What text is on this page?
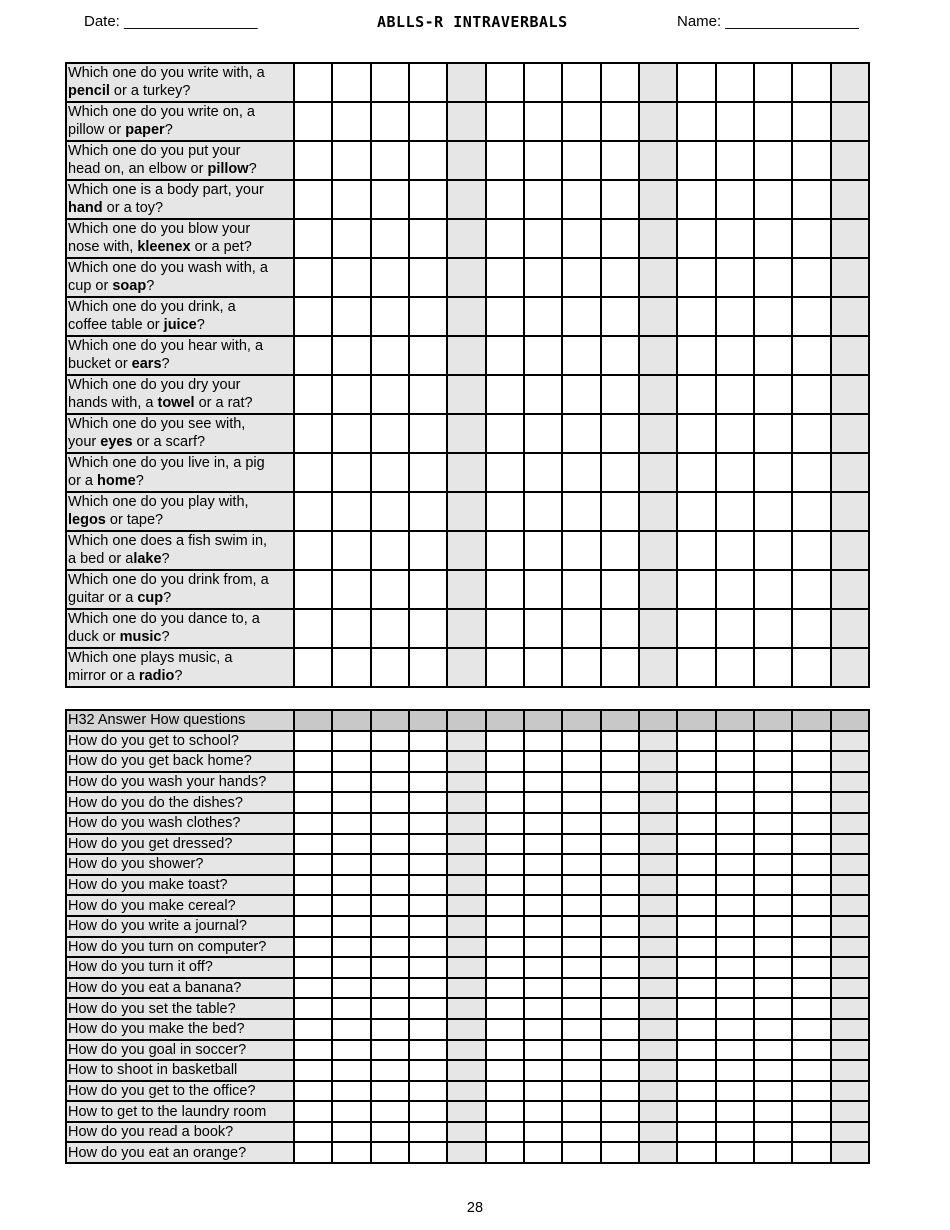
Date: ________________	ABLLS-R INTRAVERBALS	Name: ________________
Which one do you write with, a
pencil or a turkey?															
Which one do you write on, a
pillow or paper?															
Which one do you put your
head on, an elbow or pillow?															
Which one is a body part, your
hand or a toy?															
Which one do you blow your
nose with, kleenex or a pet?															
Which one do you wash with, a
cup or soap?															
Which one do you drink, a
coffee table or juice?															
Which one do you hear with, a
bucket or ears?															
Which one do you dry your
hands with, a towel or a rat?															
Which one do you see with,
your eyes or a scarf?															
Which one do you live in, a pig
or a home?															
Which one do you play with,
legos or tape?															
Which one does a fish swim in,
a bed or alake?															
Which one do you drink from, a
guitar or a cup?															
Which one do you dance to, a
duck or music?															
Which one plays music, a
mirror or a radio?															
H32 Answer How questions															
How do you get to school?															
How do you get back home?															
How do you wash your hands?															
How do you do the dishes?															
How do you wash clothes?															
How do you get dressed?															
How do you shower?															
How do you make toast?															
How do you make cereal?															
How do you write a journal?															
How do you turn on computer?															
How do you turn it off?															
How do you eat a banana?															
How do you set the table?															
How do you make the bed?															
How do you goal in soccer?															
How to shoot in basketball															
How do you get to the office?															
How to get to the laundry room															
How do you read a book?															
How do you eat an orange?															
28
